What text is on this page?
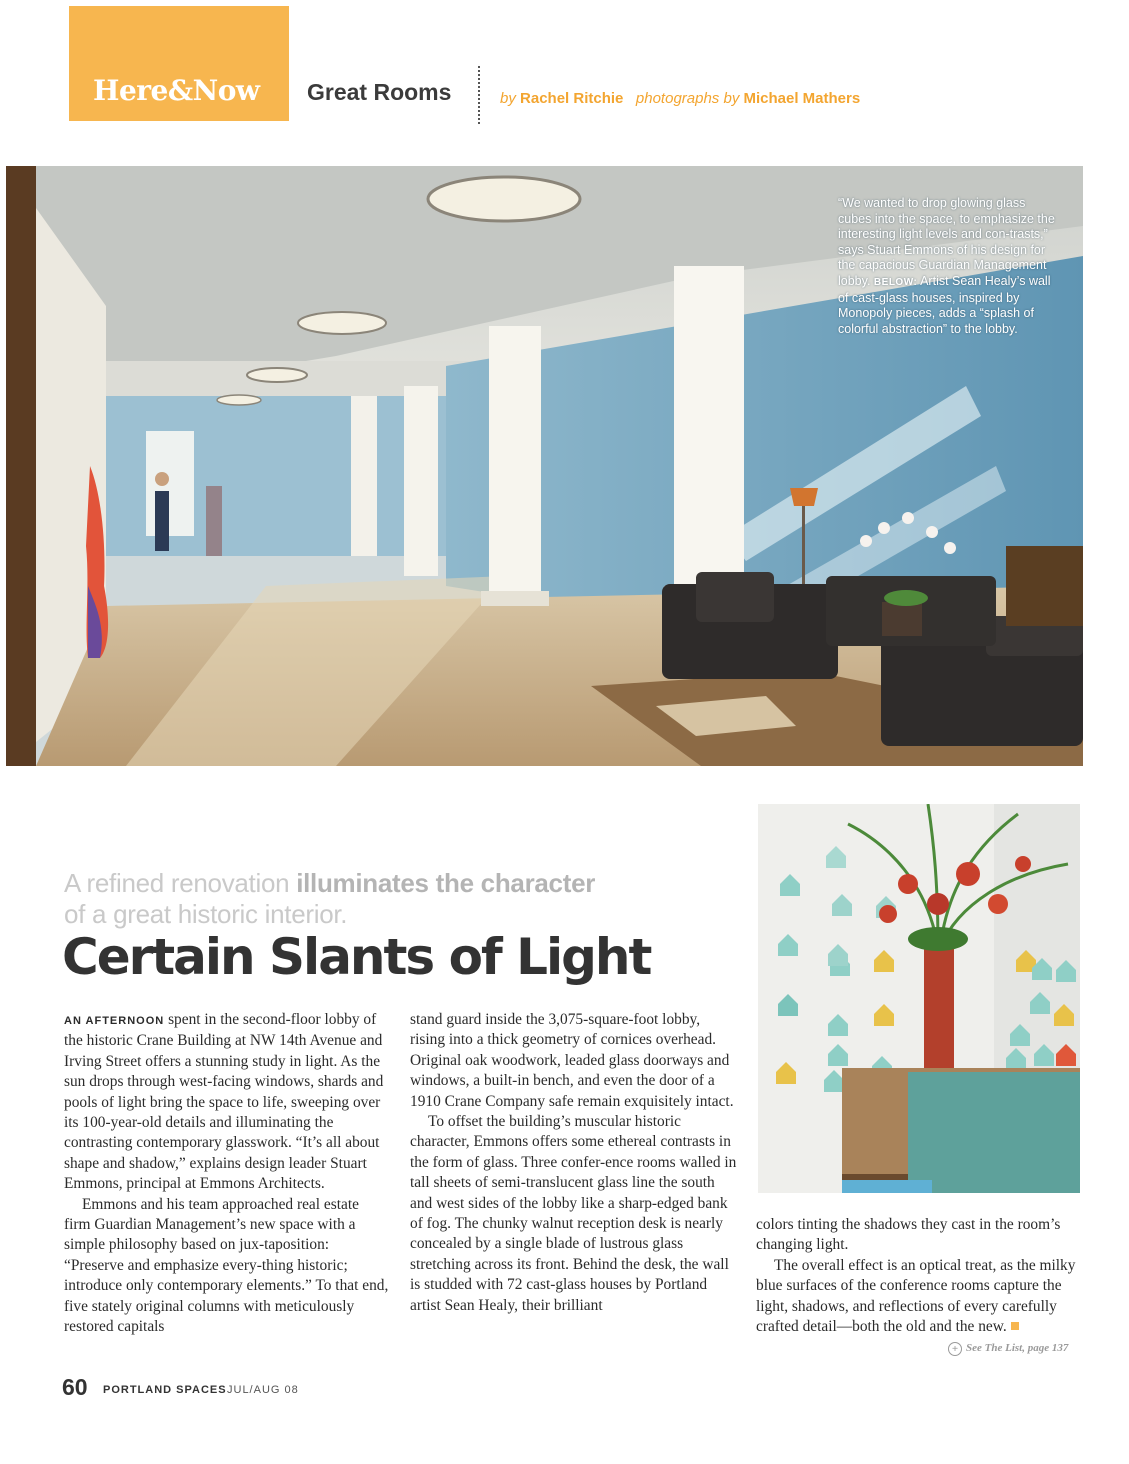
Here&Now Great Rooms	by Rachel Ritchie photographs by Michael Mathers
“We wanted to drop glowing glass cubes into the space, to emphasize the interesting light levels and con-trasts,” says Stuart Emmons of his design for the capacious Guardian Management lobby. BELOW: Artist Sean Healy’s wall of cast-glass houses, inspired by Monopoly pieces, adds a “splash of colorful abstraction” to the lobby.
A refined renovation illuminates the character
of a great historic interior.
Certain Slants of Light

AN AFTERNOON spent in the second-floor lobby of the historic Crane Building at NW 14th Avenue and Irving Street offers a stunning study in light. As the sun drops through west-facing windows, shards and pools of light bring the space to life, sweeping over its 100-year-old details and illuminating the contrasting contemporary glasswork. “It’s all about shape and shadow,” explains design leader Stuart Emmons, principal at Emmons Architects.

Emmons and his team approached real estate firm Guardian Management’s new space with a simple philosophy based on jux-taposition: “Preserve and emphasize every-thing historic; introduce only contemporary elements.” To that end, five stately original columns with meticulously restored capitals

stand guard inside the 3,075-square-foot lobby, rising into a thick geometry of cornices overhead. Original oak woodwork, leaded glass doorways and windows, a built-in bench, and even the door of a 1910 Crane Company safe remain exquisitely intact.

To offset the building’s muscular historic character, Emmons offers some ethereal contrasts in the form of glass. Three confer-ence rooms walled in tall sheets of semi-translucent glass line the south and west sides of the lobby like a sharp-edged bank of fog. The chunky walnut reception desk is nearly concealed by a single blade of lustrous glass stretching across its front. Behind the desk, the wall is studded with 72 cast-glass houses by Portland artist Sean Healy, their brilliant

colors tinting the shadows they cast in the room’s changing light.

The overall effect is an optical treat, as the milky blue surfaces of the conference rooms capture the light, shadows, and reflections of every carefully crafted detail—both the old and the new.

+ See The List, page 137
60 PORTLAND SPACES JUL/AUG 08
